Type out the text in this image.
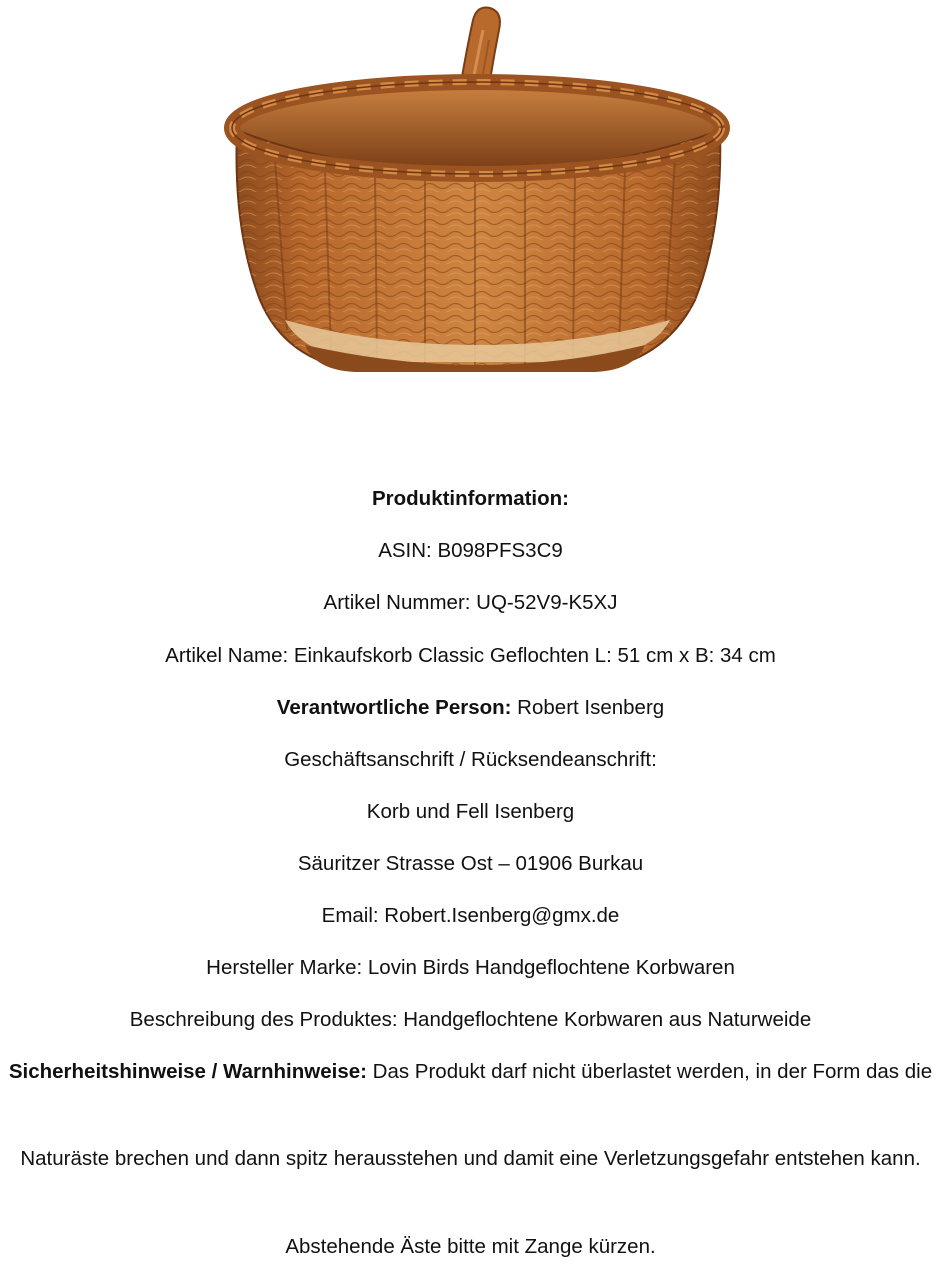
Produktinformation:
ASIN: B098PFS3C9
Artikel Nummer: UQ-52V9-K5XJ
Artikel Name: Einkaufskorb Classic Geflochten L: 51 cm x B: 34 cm
Verantwortliche Person: Robert Isenberg
Geschäftsanschrift / Rücksendeanschrift:
Korb und Fell Isenberg
Säuritzer Strasse Ost – 01906 Burkau
Email: Robert.Isenberg@gmx.de
Hersteller Marke: Lovin Birds Handgeflochtene Korbwaren
Beschreibung des Produktes: Handgeflochtene Korbwaren aus Naturweide
Sicherheitshinweise / Warnhinweise: Das Produkt darf nicht überlastet werden, in der Form das die
Naturäste brechen und dann spitz herausstehen und damit eine Verletzungsgefahr entstehen kann.
Abstehende Äste bitte mit Zange kürzen.
